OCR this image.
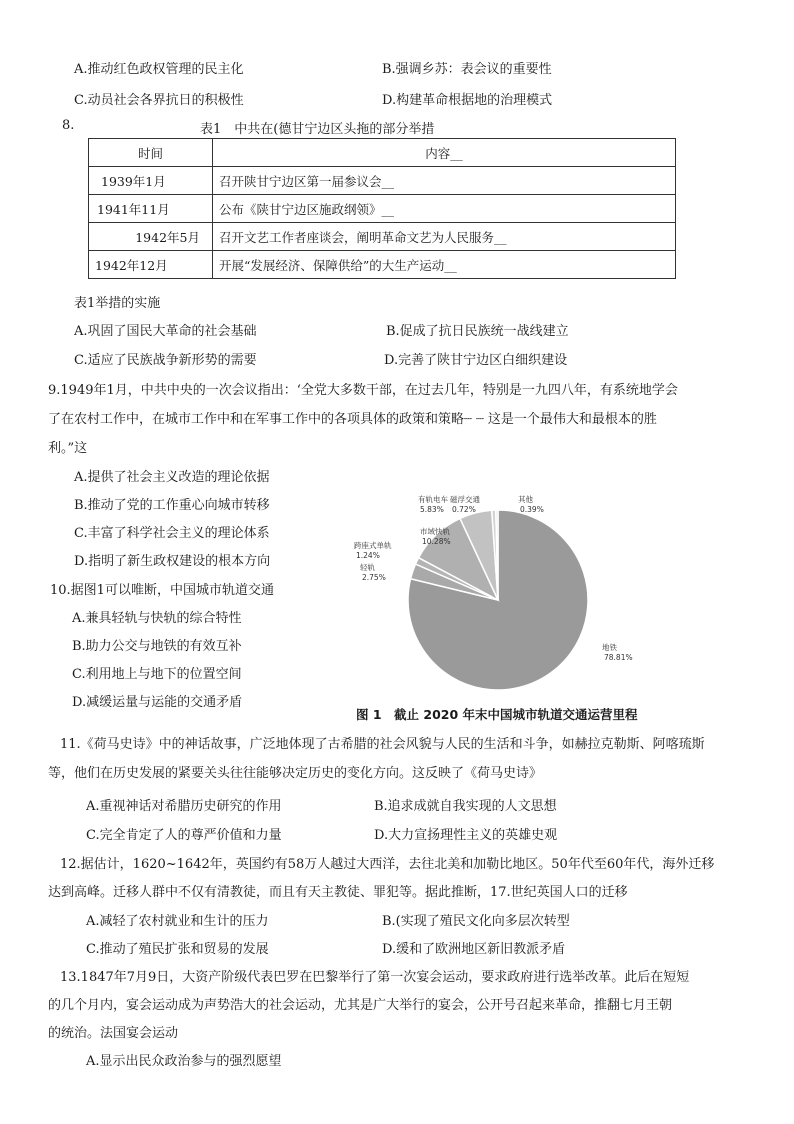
A.推动红色政权管理的民主化	B.强调乡苏：表会议的重要性
C.动员社会各界抗日的积极性	D.构建革命根据地的治理模式
8.	表1　中共在(德甘宁边区头拖的部分举措
时间	内容__
1939年1月	召开陕甘宁边区第一届参议会__
1941年11月	公布《陕甘宁边区施政纲领》__
1942年5月	召开文艺工作者座谈会，阐明革命文艺为人民服务__
1942年12月	开展“发展经济、保障供给”的大生产运动__
表1举措的实施
A.巩固了国民大革命的社会基础	B.促成了抗日民族统一战线建立
C.适应了民族战争新形势的需要	D.完善了陕甘宁边区白细织建设
9.1949年1月，中共中央的一次会议指出：‘全党大多数干部，在过去几年，特别是一九四八年，有系统地学会
了在农村工作中，在城市工作中和在军事工作中的各项具体的政策和策略┈ ┈ 这是一个最伟大和最根本的胜
利。”这
A.提供了社会主义改造的理论依据
B.推动了党的工作重心向城市转移
C.丰富了科学社会主义的理论体系
D.指明了新生政权建设的根本方向
10.据图1可以唯断，中国城市轨道交通
A.兼具轻轨与快轨的综合特性
B.助力公交与地铁的有效互补
C.利用地上与地下的位置空间
D.减缓运量与运能的交通矛盾
地铁
78.81%
轻轨
2.75%
跨座式单轨
1.24%
市域快轨
10.28%
有轨电车
5.83%
磁浮交通
0.72%
其他
0.39%
图 1　截止 2020 年末中国城市轨道交通运营里程
11.《荷马史诗》中的神话故事，广泛地体现了古希腊的社会风貌与人民的生活和斗争，如赫拉克勒斯、阿喀琉斯
等，他们在历史发展的紧要关头往往能够决定历史的变化方向。这反映了《荷马史诗》
A.重视神话对希腊历史研究的作用	B.追求成就自我实现的人文思想
C.完全肯定了人的尊严价值和力量	D.大力宣扬理性主义的英雄史观
12.据估计，1620~1642年，英国约有58万人越过大西洋，去往北美和加勒比地区。50年代至60年代，海外迁移
达到高峰。迁移人群中不仅有清教徒，而且有天主教徒、罪犯等。据此推断，17.世纪英国人口的迁移
A.减轻了农村就业和生计的压力	B.(实现了殖民文化向多层次转型
C.推动了殖民扩张和贸易的发展	D.缓和了欧洲地区新旧教派矛盾
13.1847年7月9日，大资产阶级代表巴罗在巴黎举行了第一次宴会运动，要求政府进行选举改革。此后在短短
的几个月内，宴会运动成为声势浩大的社会运动，尤其是广大举行的宴会，公开号召起来革命，推翻七月王朝
的统治。法国宴会运动
A.显示出民众政治参与的强烈愿望
